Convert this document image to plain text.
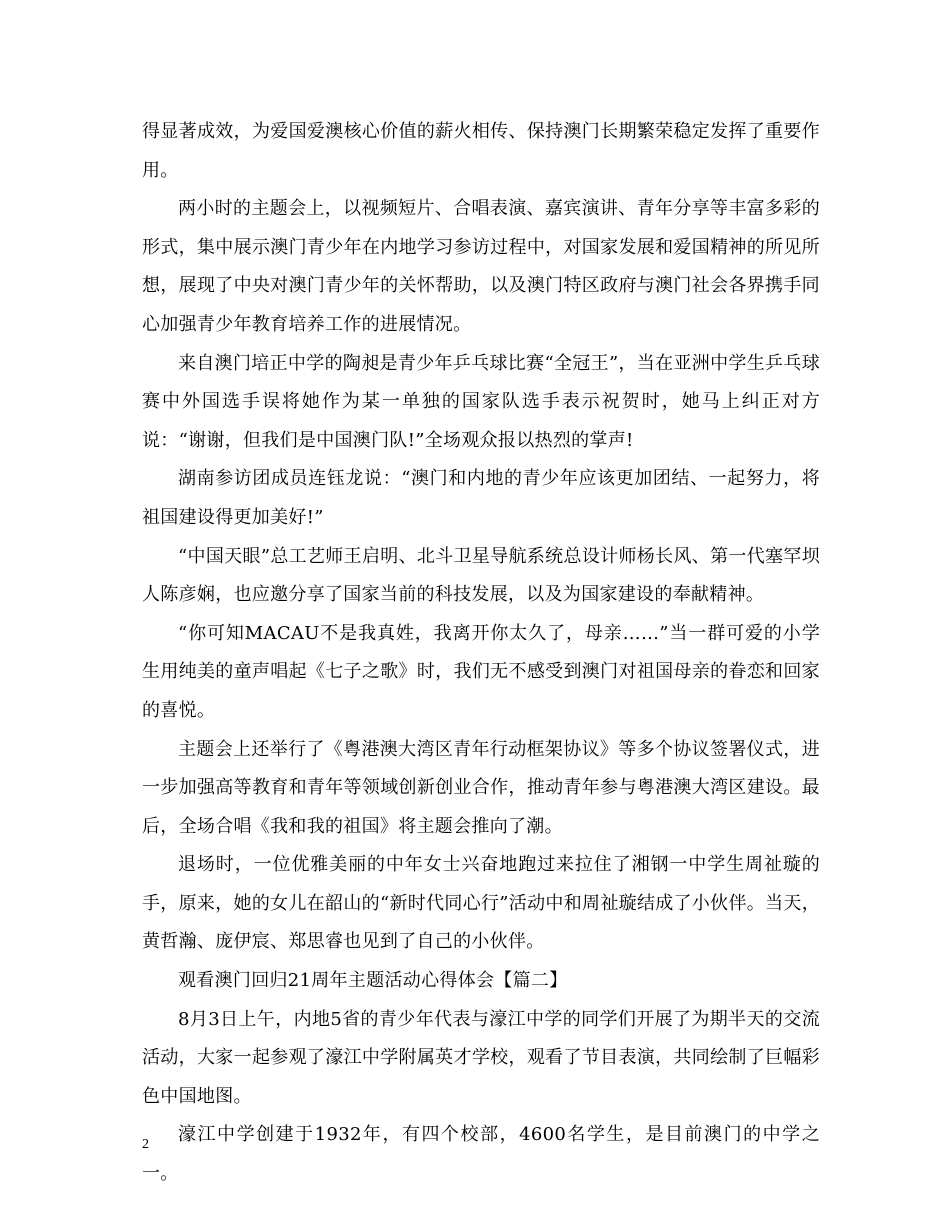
得显著成效，为爱国爱澳核心价值的薪火相传、保持澳门长期繁荣稳定发挥了重要作用。

两小时的主题会上，以视频短片、合唱表演、嘉宾演讲、青年分享等丰富多彩的形式，集中展示澳门青少年在内地学习参访过程中，对国家发展和爱国精神的所见所想，展现了中央对澳门青少年的关怀帮助，以及澳门特区政府与澳门社会各界携手同心加强青少年教育培养工作的进展情况。

来自澳门培正中学的陶昶是青少年乒乓球比赛“全冠王”，当在亚洲中学生乒乓球赛中外国选手误将她作为某一单独的国家队选手表示祝贺时，她马上纠正对方说：“谢谢，但我们是中国澳门队!”全场观众报以热烈的掌声!

湖南参访团成员连钰龙说：“澳门和内地的青少年应该更加团结、一起努力，将祖国建设得更加美好!”

“中国天眼”总工艺师王启明、北斗卫星导航系统总设计师杨长风、第一代塞罕坝人陈彦娴，也应邀分享了国家当前的科技发展，以及为国家建设的奉献精神。

“你可知MACAU不是我真姓，我离开你太久了，母亲……”当一群可爱的小学生用纯美的童声唱起《七子之歌》时，我们无不感受到澳门对祖国母亲的眷恋和回家的喜悦。

主题会上还举行了《粤港澳大湾区青年行动框架协议》等多个协议签署仪式，进一步加强高等教育和青年等领域创新创业合作，推动青年参与粤港澳大湾区建设。最后，全场合唱《我和我的祖国》将主题会推向了潮。

退场时，一位优雅美丽的中年女士兴奋地跑过来拉住了湘钢一中学生周祉璇的手，原来，她的女儿在韶山的“新时代同心行”活动中和周祉璇结成了小伙伴。当天，黄哲瀚、庞伊宸、郑思睿也见到了自己的小伙伴。

观看澳门回归21周年主题活动心得体会【篇二】

8月3日上午，内地5省的青少年代表与濠江中学的同学们开展了为期半天的交流活动，大家一起参观了濠江中学附属英才学校，观看了节目表演，共同绘制了巨幅彩色中国地图。

濠江中学创建于1932年，有四个校部，4600名学生，是目前澳门的中学之一。

2
